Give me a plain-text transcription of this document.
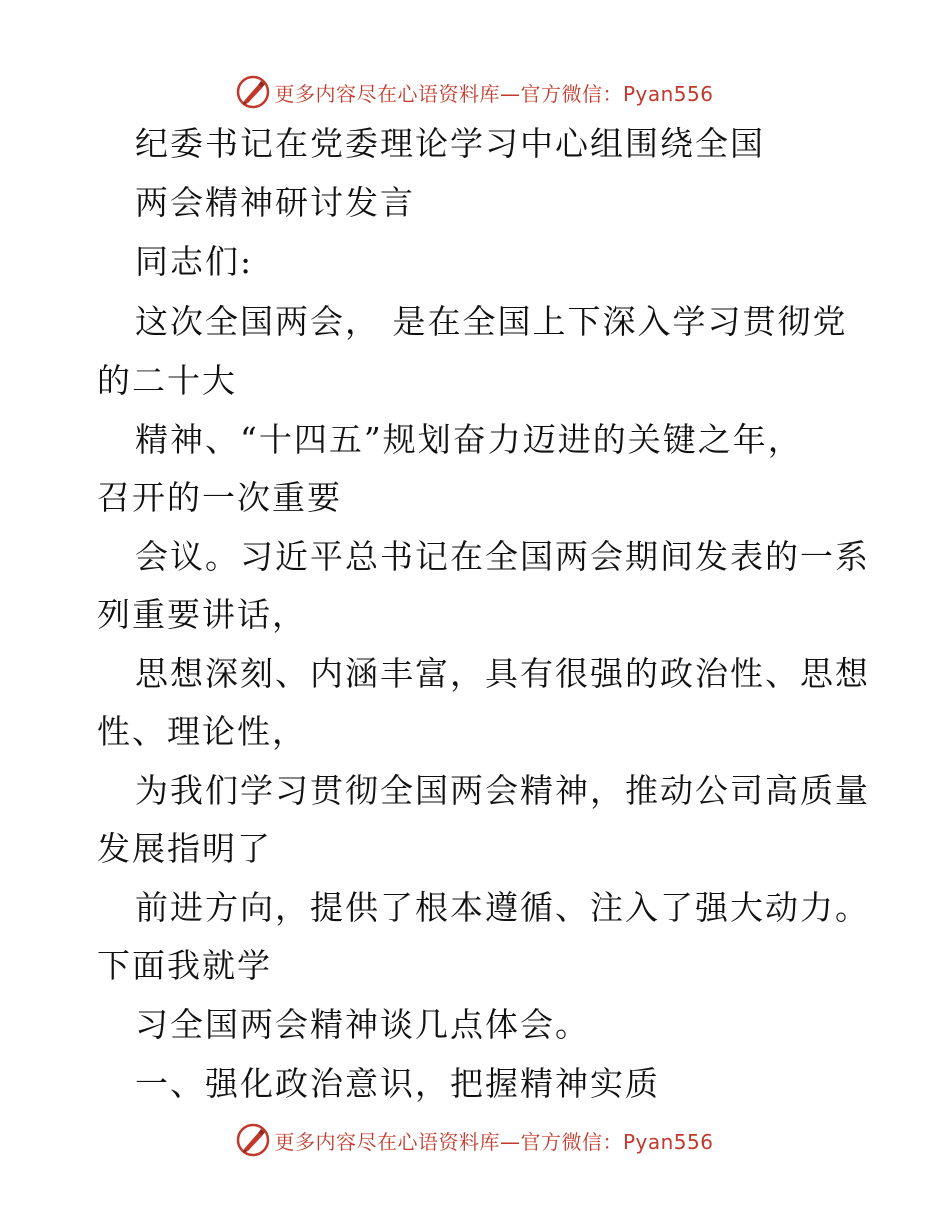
更多内容尽在心语资料库—官方微信：Pyan556
纪委书记在党委理论学习中心组围绕全国
两会精神研讨发言
同志们:
这次全国两会， 是在全国上下深入学习贯彻党
的二十大
精神、“十四五”规划奋力迈进的关键之年，
召开的一次重要
会议。习近平总书记在全国两会期间发表的一系
列重要讲话，
思想深刻、内涵丰富，具有很强的政治性、思想
性、理论性，
为我们学习贯彻全国两会精神，推动公司高质量
发展指明了
前进方向，提供了根本遵循、注入了强大动力。
下面我就学
习全国两会精神谈几点体会。
一、强化政治意识，把握精神实质
更多内容尽在心语资料库—官方微信：Pyan556
